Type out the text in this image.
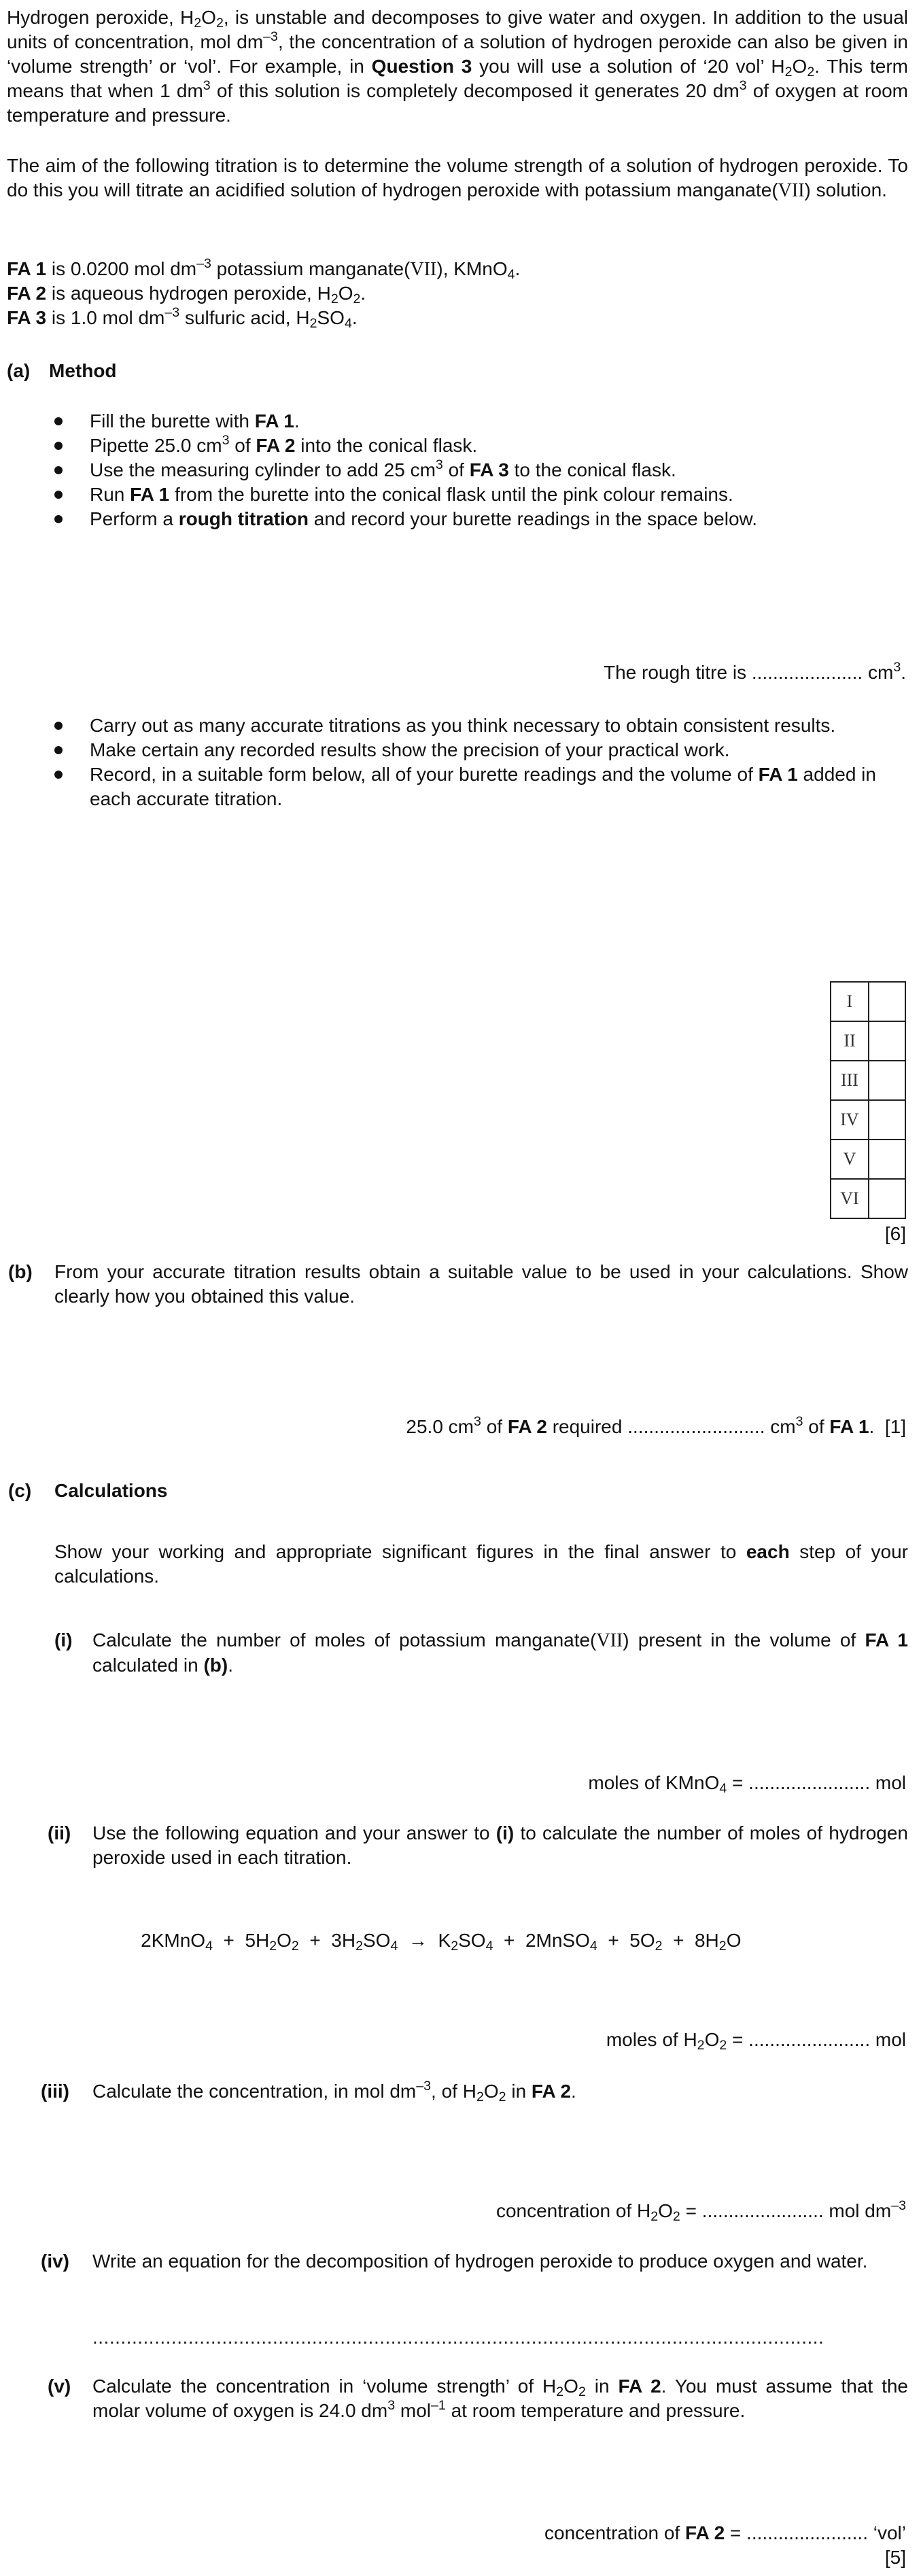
Hydrogen peroxide, $H_2O_2$, is unstable and decomposes to give water and oxygen. In addition to the usual units of concentration, mol $dm^{-3}$, the concentration of a solution of hydrogen peroxide can also be given in ‘volume strength’ or ‘vol’. For example, in Question 3 you will use a solution of ‘20 vol’ $H_2O_2$. This term means that when 1 $dm^3$ of this solution is completely decomposed it generates 20 $dm^3$ of oxygen at room temperature and pressure.
The aim of the following titration is to determine the volume strength of a solution of hydrogen peroxide. To do this you will titrate an acidified solution of hydrogen peroxide with potassium manganate(VII) solution.
FA 1 is 0.0200 mol $dm^{-3}$ potassium manganate(VII), KMnO$_4$.
FA 2 is aqueous hydrogen peroxide, $H_2O_2$.
FA 3 is 1.0 mol $dm^{-3}$ sulfuric acid, $H_2SO_4$.
(a) Method
Fill the burette with FA 1.
Pipette 25.0 $cm^3$ of FA 2 into the conical flask.
Use the measuring cylinder to add 25 $cm^3$ of FA 3 to the conical flask.
Run FA 1 from the burette into the conical flask until the pink colour remains.
Perform a rough titration and record your burette readings in the space below.
The rough titre is ..................... $cm^3$.
Carry out as many accurate titrations as you think necessary to obtain consistent results.
Make certain any recorded results show the precision of your practical work.
Record, in a suitable form below, all of your burette readings and the volume of FA 1 added in each accurate titration.
I	
II	
III	
IV	
V	
VI	
[6]
(b) From your accurate titration results obtain a suitable value to be used in your calculations. Show clearly how you obtained this value.
25.0 $cm^3$ of FA 2 required .......................... $cm^3$ of FA 1. [1]
(c) Calculations
Show your working and appropriate significant figures in the final answer to each step of your calculations.
(i) Calculate the number of moles of potassium manganate(VII) present in the volume of FA 1 calculated in (b).
moles of KMnO$_4$ = ....................... mol
(ii) Use the following equation and your answer to (i) to calculate the number of moles of hydrogen peroxide used in each titration.

2KMnO$_4$  +  $5H_2O_2 + 3H_2SO_4 \to K_2SO_4$  +  2MnSO$_4$  +  $5O_2 + 8H_2O$

moles of $H_2O_2$ = ....................... mol
(iii) Calculate the concentration, in mol $dm^{-3}$, of $H_2O_2$ in FA 2.
concentration of $H_2O_2$ = ....................... mol $dm^{-3}$
(iv) Write an equation for the decomposition of hydrogen peroxide to produce oxygen and water.
..................................................................................................................................
(v) Calculate the concentration in ‘volume strength’ of $H_2O_2$ in FA 2. You must assume that the molar volume of oxygen is 24.0 $dm^3$ mol$^{-1}$ at room temperature and pressure.
concentration of FA 2 = ....................... ‘vol’
[5]
